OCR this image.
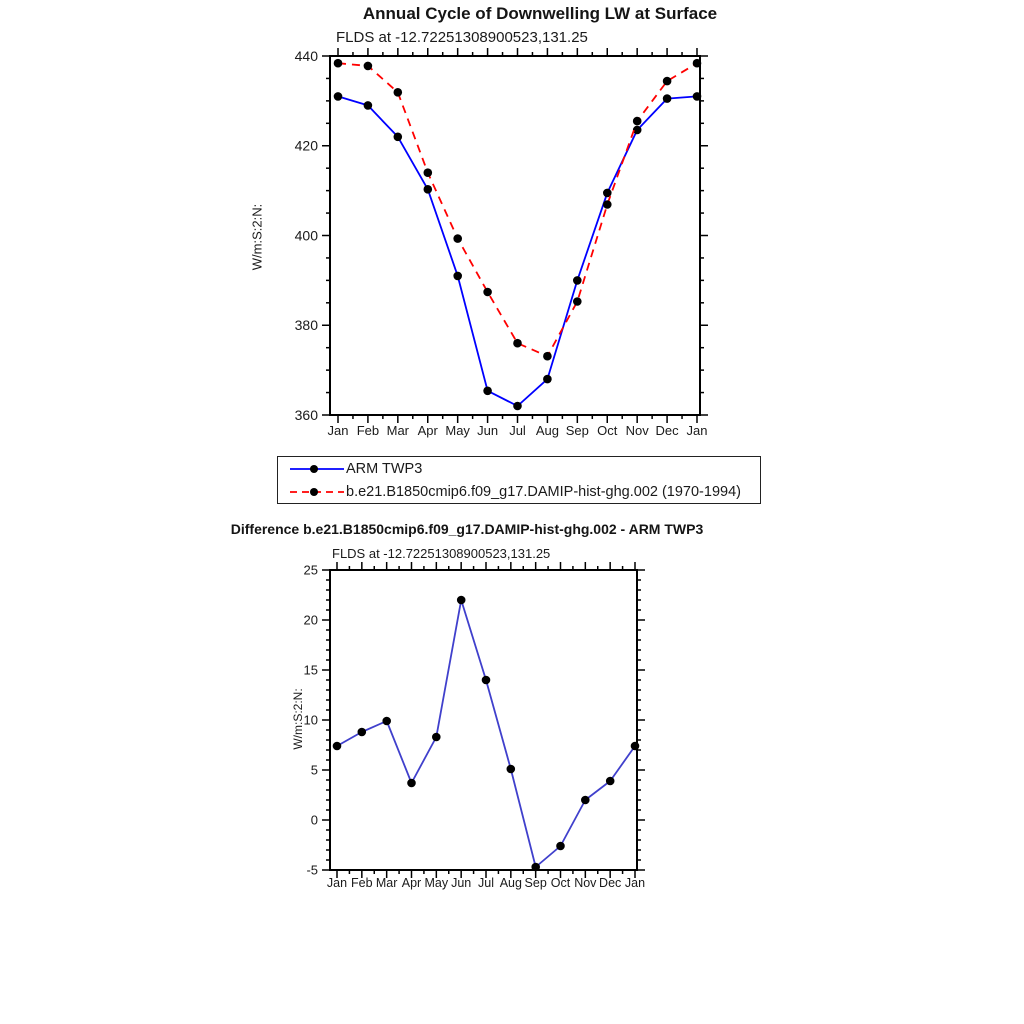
Annual Cycle of Downwelling LW at Surface
FLDS at -12.72251308900523,131.25
W/m:S:2:N:
Difference b.e21.B1850cmip6.f09_g17.DAMIP-hist-ghg.002 - ARM TWP3
FLDS at -12.72251308900523,131.25
W/m:S:2:N:
360
380
400
420
440
Jan Feb Mar Apr May Jun Jul Aug Sep Oct Nov Dec Jan
-5
0
5
10
15
20
25
Jan Feb Mar Apr May Jun Jul Aug Sep Oct Nov Dec Jan
ARM TWP3
b.e21.B1850cmip6.f09_g17.DAMIP-hist-ghg.002 (1970-1994)
